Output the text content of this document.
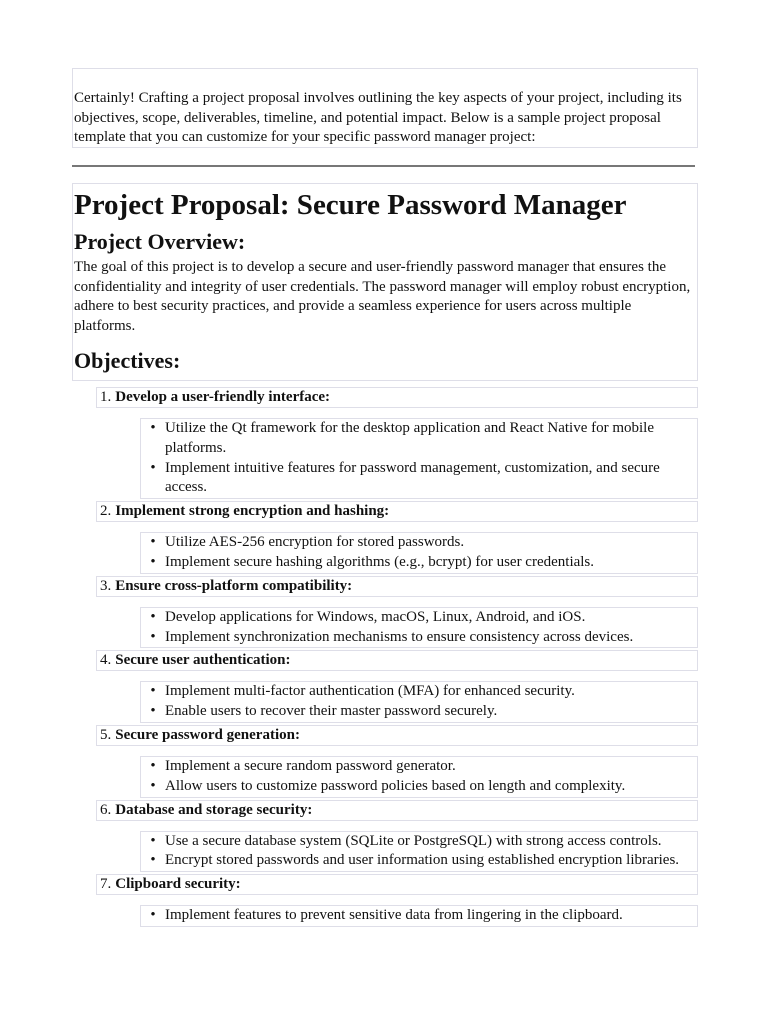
Certainly! Crafting a project proposal involves outlining the key aspects of your project, including its objectives, scope, deliverables, timeline, and potential impact. Below is a sample project proposal template that you can customize for your specific password manager project:
Project Proposal: Secure Password Manager
Project Overview:
The goal of this project is to develop a secure and user-friendly password manager that ensures the confidentiality and integrity of user credentials. The password manager will employ robust encryption, adhere to best security practices, and provide a seamless experience for users across multiple platforms.
Objectives:
1. Develop a user-friendly interface:
• Utilize the Qt framework for the desktop application and React Native for mobile platforms.
• Implement intuitive features for password management, customization, and secure access.
2. Implement strong encryption and hashing:
• Utilize AES-256 encryption for stored passwords.
• Implement secure hashing algorithms (e.g., bcrypt) for user credentials.
3. Ensure cross-platform compatibility:
• Develop applications for Windows, macOS, Linux, Android, and iOS.
• Implement synchronization mechanisms to ensure consistency across devices.
4. Secure user authentication:
• Implement multi-factor authentication (MFA) for enhanced security.
• Enable users to recover their master password securely.
5. Secure password generation:
• Implement a secure random password generator.
• Allow users to customize password policies based on length and complexity.
6. Database and storage security:
• Use a secure database system (SQLite or PostgreSQL) with strong access controls.
• Encrypt stored passwords and user information using established encryption libraries.
7. Clipboard security:
• Implement features to prevent sensitive data from lingering in the clipboard.
